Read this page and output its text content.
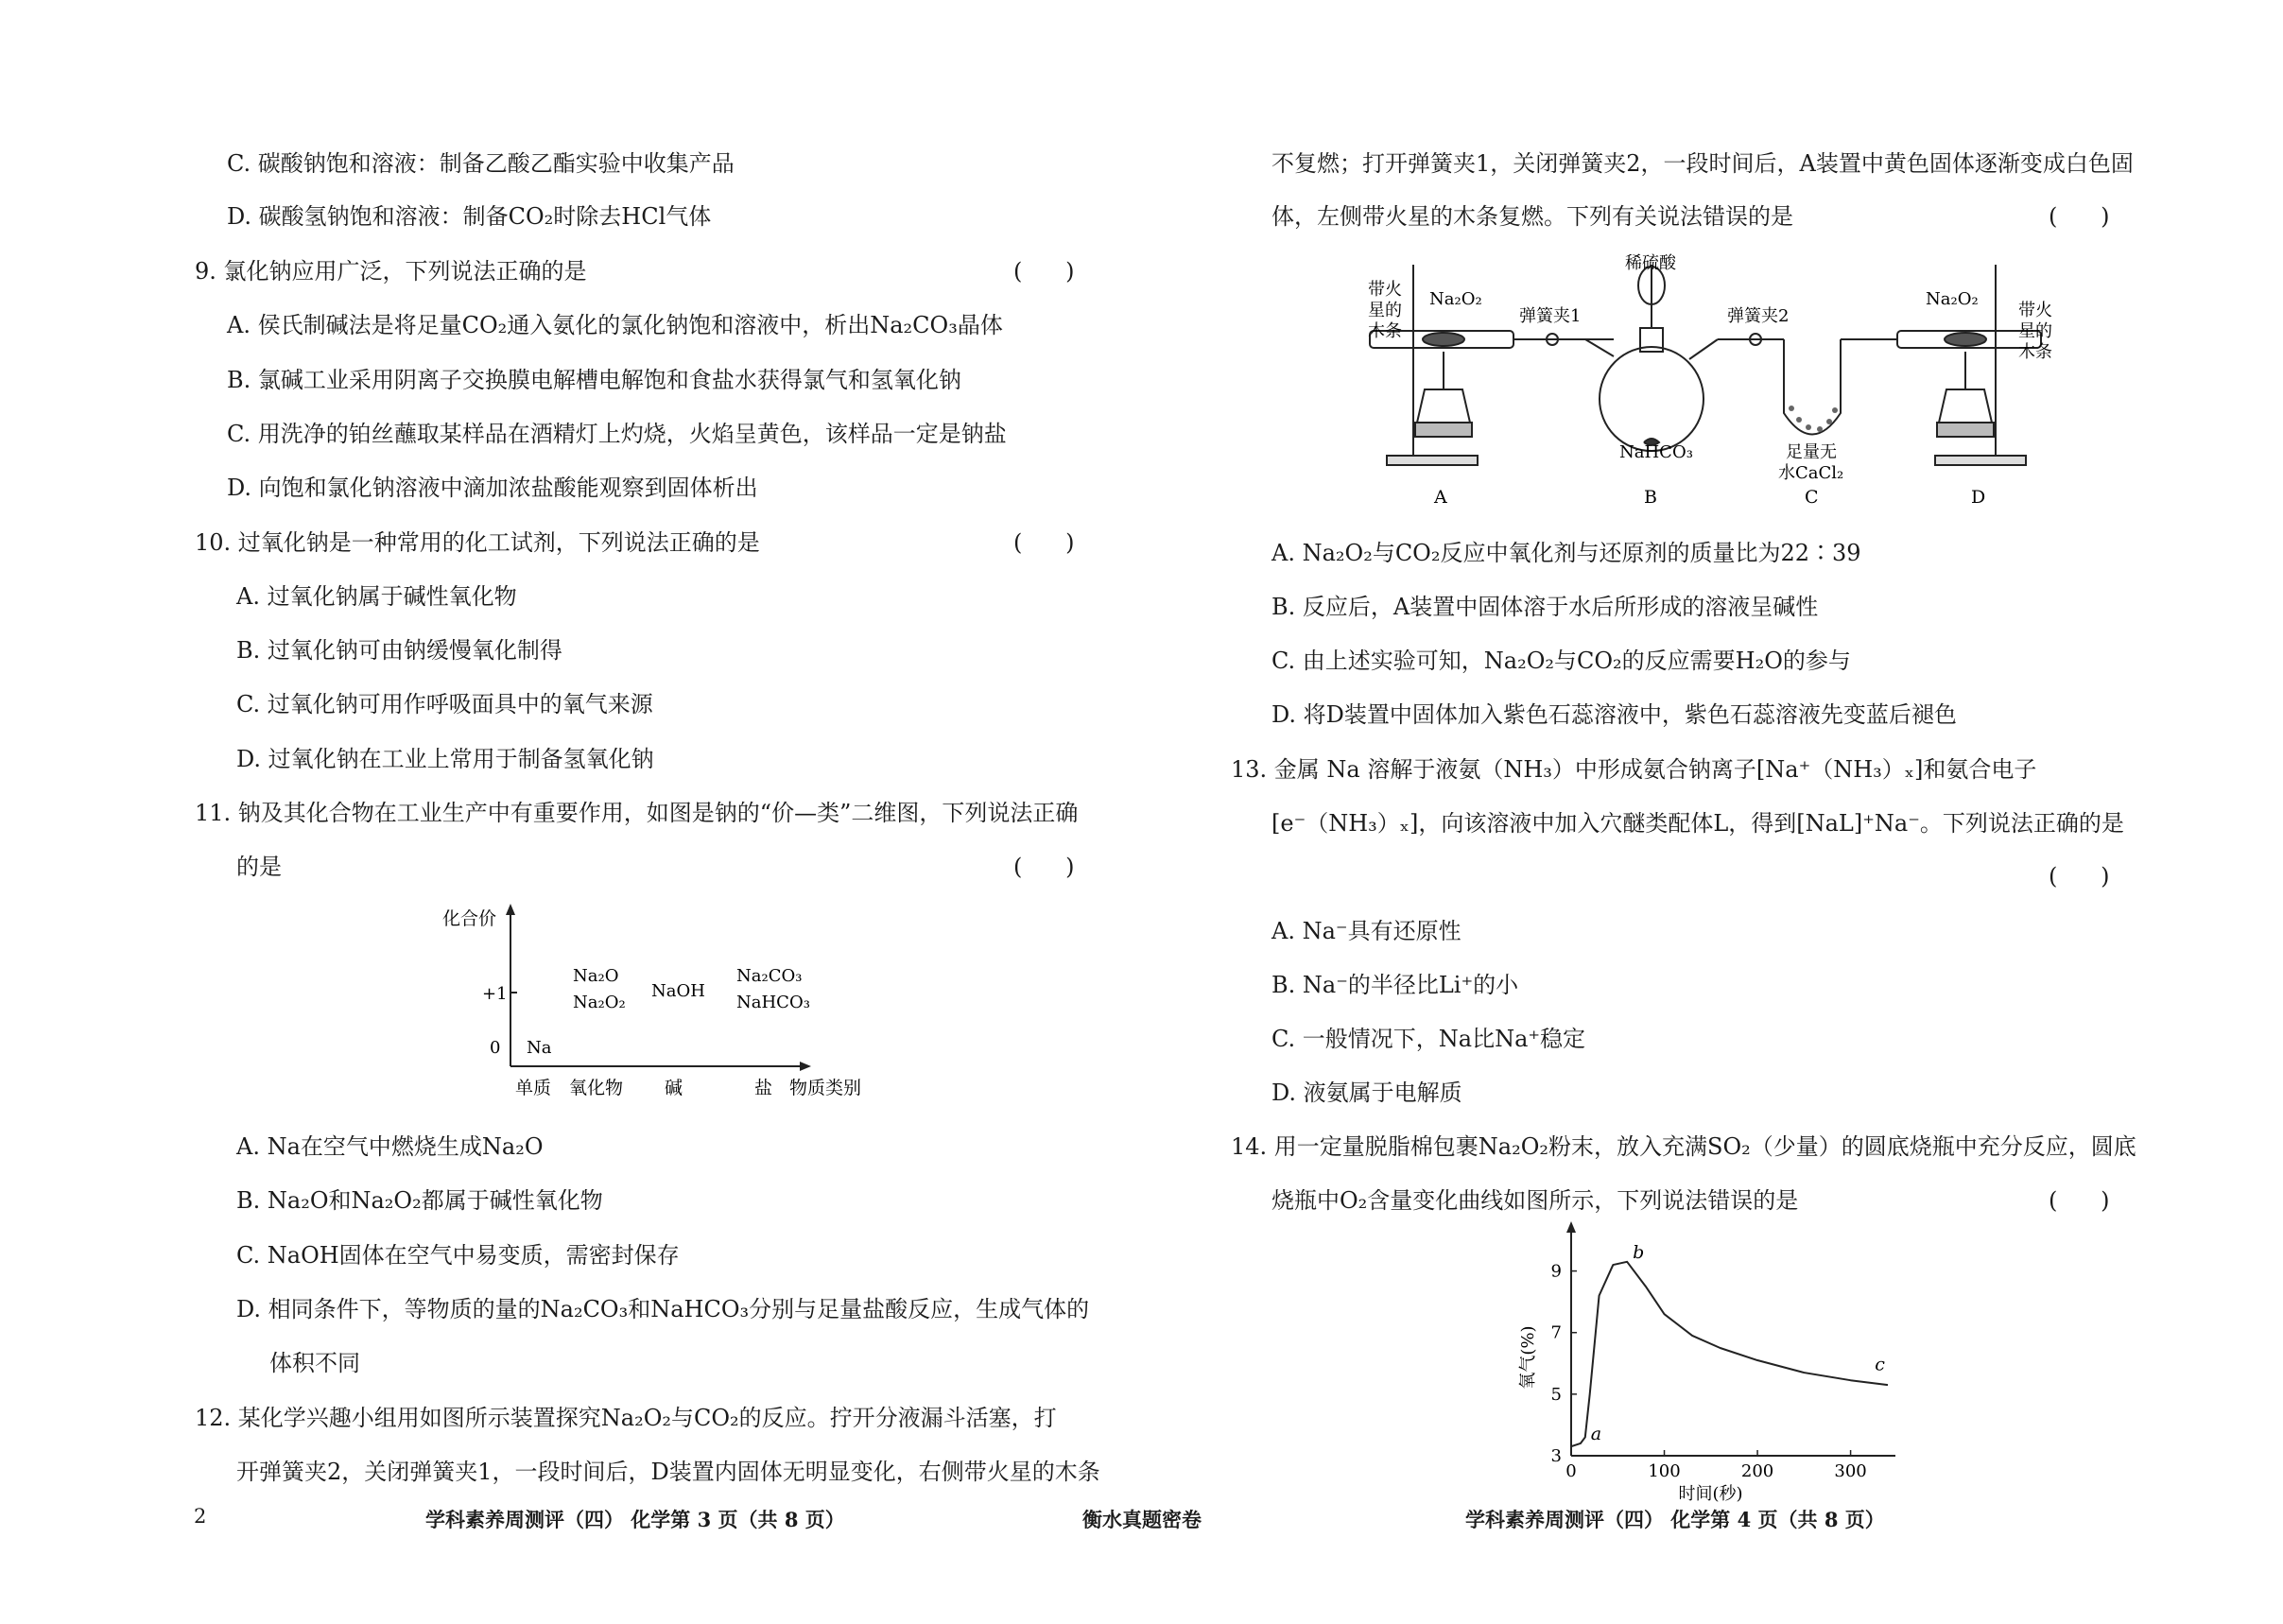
C. 碳酸钠饱和溶液：制备乙酸乙酯实验中收集产品
D. 碳酸氢钠饱和溶液：制备CO₂时除去HCl气体
9. 氯化钠应用广泛，下列说法正确的是	(      )
A. 侯氏制碱法是将足量CO₂通入氨化的氯化钠饱和溶液中，析出Na₂CO₃晶体
B. 氯碱工业采用阴离子交换膜电解槽电解饱和食盐水获得氯气和氢氧化钠
C. 用洗净的铂丝蘸取某样品在酒精灯上灼烧，火焰呈黄色，该样品一定是钠盐
D. 向饱和氯化钠溶液中滴加浓盐酸能观察到固体析出
10. 过氧化钠是一种常用的化工试剂，下列说法正确的是	(      )
A. 过氧化钠属于碱性氧化物
B. 过氧化钠可由钠缓慢氧化制得
C. 过氧化钠可用作呼吸面具中的氧气来源
D. 过氧化钠在工业上常用于制备氢氧化钠
11. 钠及其化合物在工业生产中有重要作用，如图是钠的“价—类”二维图，下列说法正确
的是	(      )
化合价
+1
0 Na
Na₂O
Na₂O₂
NaOH
Na₂CO₃
NaHCO₃
单质 氧化物 碱	盐 物质类别
A. Na在空气中燃烧生成Na₂O
B. Na₂O和Na₂O₂都属于碱性氧化物
C. NaOH固体在空气中易变质，需密封保存
D. 相同条件下，等物质的量的Na₂CO₃和NaHCO₃分别与足量盐酸反应，生成气体的
体积不同
12. 某化学兴趣小组用如图所示装置探究Na₂O₂与CO₂的反应。拧开分液漏斗活塞，打
开弹簧夹2，关闭弹簧夹1，一段时间后，D装置内固体无明显变化，右侧带火星的木条
不复燃；打开弹簧夹1，关闭弹簧夹2，一段时间后，A装置中黄色固体逐渐变成白色固
体，左侧带火星的木条复燃。下列有关说法错误的是	(      )
带火
星的
木条
Na₂O₂
弹簧夹1
稀硫酸
弹簧夹2
Na₂O₂
带火
星的
木条
NaHCO₃	足量无
水CaCl₂
A	B	C	D
A. Na₂O₂与CO₂反应中氧化剂与还原剂的质量比为22∶39
B. 反应后，A装置中固体溶于水后所形成的溶液呈碱性
C. 由上述实验可知，Na₂O₂与CO₂的反应需要H₂O的参与
D. 将D装置中固体加入紫色石蕊溶液中，紫色石蕊溶液先变蓝后褪色
13. 金属 Na 溶解于液氨（NH₃）中形成氨合钠离子[Na⁺（NH₃）ₓ]和氨合电子
[e⁻（NH₃）ₓ]，向该溶液中加入穴醚类配体L，得到[NaL]⁺Na⁻。下列说法正确的是
(      )
A. Na⁻具有还原性
B. Na⁻的半径比Li⁺的小
C. 一般情况下，Na比Na⁺稳定
D. 液氨属于电解质
14. 用一定量脱脂棉包裹Na₂O₂粉末，放入充满SO₂（少量）的圆底烧瓶中充分反应，圆底
烧瓶中O₂含量变化曲线如图所示，下列说法错误的是	(      )
3
5
7
9
0	100	200	300
时间(秒)
氧气(%)
a
b
c
2	学科素养周测评（四） 化学第 3 页（共 8 页）	衡水真题密卷	学科素养周测评（四） 化学第 4 页（共 8 页）
